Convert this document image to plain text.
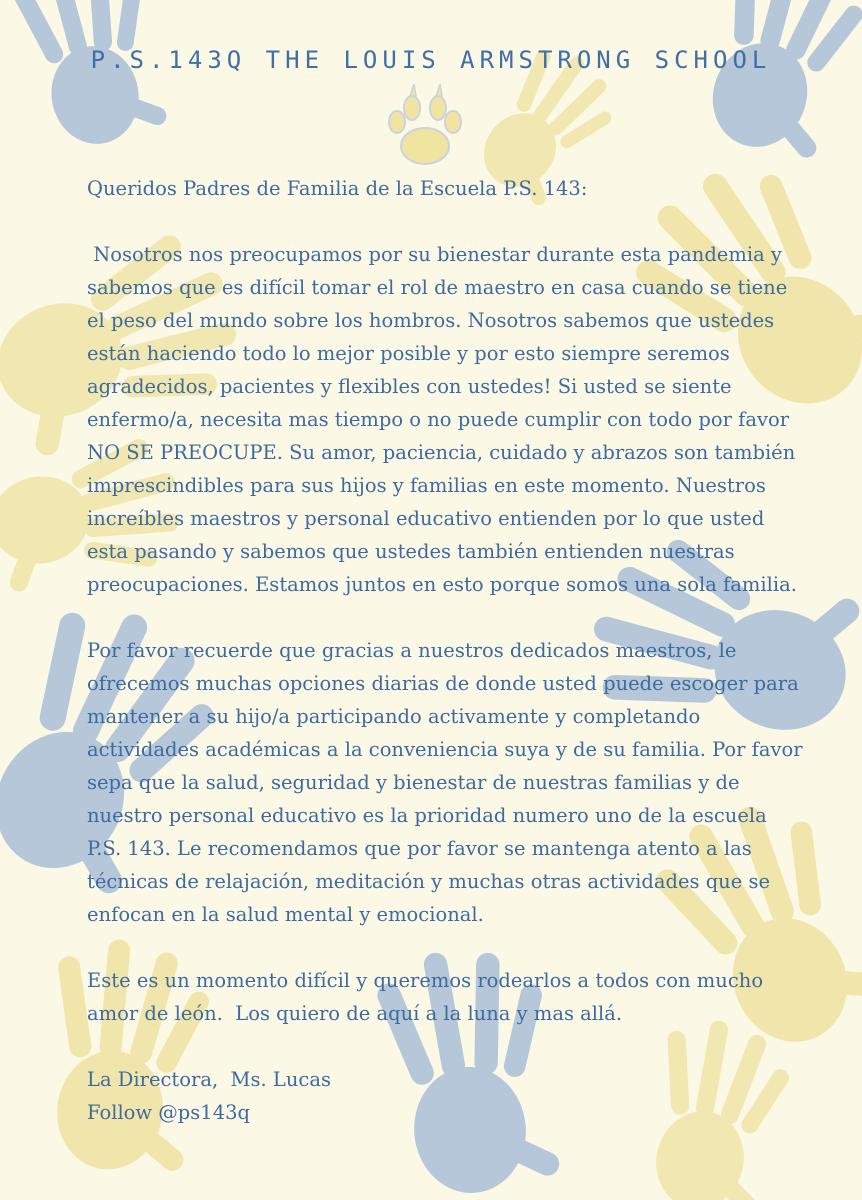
P.S.143Q THE LOUIS ARMSTRONG SCHOOL

Queridos Padres de Familia de la Escuela P.S. 143:

Nosotros nos preocupamos por su bienestar durante esta pandemia y sabemos que es difícil tomar el rol de maestro en casa cuando se tiene el peso del mundo sobre los hombros. Nosotros sabemos que ustedes están haciendo todo lo mejor posible y por esto siempre seremos agradecidos, pacientes y flexibles con ustedes! Si usted se siente enfermo/a, necesita mas tiempo o no puede cumplir con todo por favor NO SE PREOCUPE. Su amor, paciencia, cuidado y abrazos son también imprescindibles para sus hijos y familias en este momento. Nuestros increíbles maestros y personal educativo entienden por lo que usted esta pasando y sabemos que ustedes también entienden nuestras preocupaciones. Estamos juntos en esto porque somos una sola familia.

Por favor recuerde que gracias a nuestros dedicados maestros, le ofrecemos muchas opciones diarias de donde usted puede escoger para mantener a su hijo/a participando activamente y completando actividades académicas a la conveniencia suya y de su familia. Por favor sepa que la salud, seguridad y bienestar de nuestras familias y de nuestro personal educativo es la prioridad numero uno de la escuela P.S. 143. Le recomendamos que por favor se mantenga atento a las técnicas de relajación, meditación y muchas otras actividades que se enfocan en la salud mental y emocional.

Este es un momento difícil y queremos rodearlos a todos con mucho amor de león.  Los quiero de aquí a la luna y mas allá.

La Directora,  Ms. Lucas

Follow @ps143q
